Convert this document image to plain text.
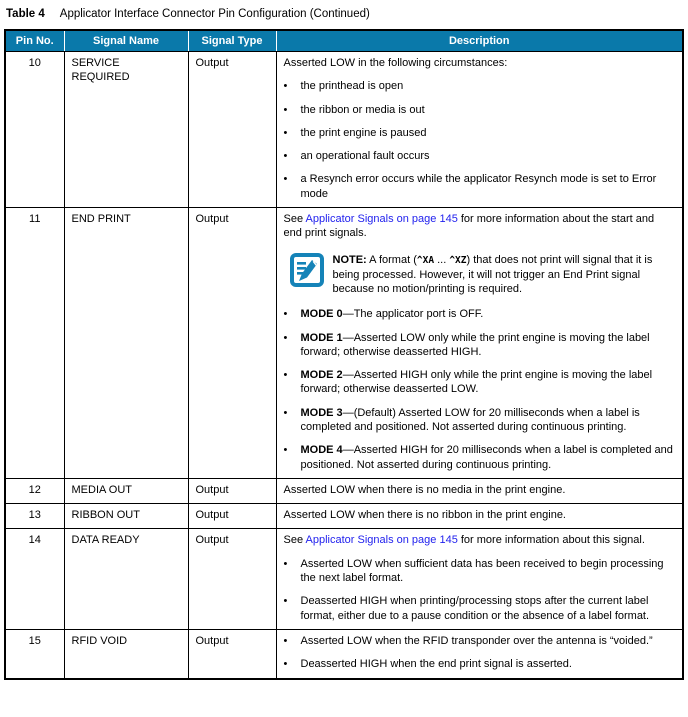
Table 4 Applicator Interface Connector Pin Configuration (Continued)
Pin No.	Signal Name	Signal Type	Description
10	SERVICE REQUIRED	Output	Asserted LOW in the following circumstances:
•	the printhead is open
•	the ribbon or media is out
•	the print engine is paused
•	an operational fault occurs
•	a Resynch error occurs while the applicator Resynch mode is set to Error mode

11	END PRINT	Output	See Applicator Signals on page 145 for more information about the start and end print signals.
NOTE: A format (^XA ... ^XZ) that does not print will signal that it is being processed. However, it will not trigger an End Print signal because no motion/printing is required.
•	MODE 0—The applicator port is OFF.
•	MODE 1—Asserted LOW only while the print engine is moving the label forward; otherwise deasserted HIGH.
•	MODE 2—Asserted HIGH only while the print engine is moving the label forward; otherwise deasserted LOW.
•	MODE 3—(Default) Asserted LOW for 20 milliseconds when a label is completed and positioned. Not asserted during continuous printing.
•	MODE 4—Asserted HIGH for 20 milliseconds when a label is completed and positioned. Not asserted during continuous printing.

12	MEDIA OUT	Output	Asserted LOW when there is no media in the print engine.

13	RIBBON OUT	Output	Asserted LOW when there is no ribbon in the print engine.

14	DATA READY	Output	See Applicator Signals on page 145 for more information about this signal.
• Asserted LOW when sufficient data has been received to begin processing the next label format.
• Deasserted HIGH when printing/processing stops after the current label format, either due to a pause condition or the absence of a label format.

15	RFID VOID	Output	• Asserted LOW when the RFID transponder over the antenna is “voided.”
• Deasserted HIGH when the end print signal is asserted.
